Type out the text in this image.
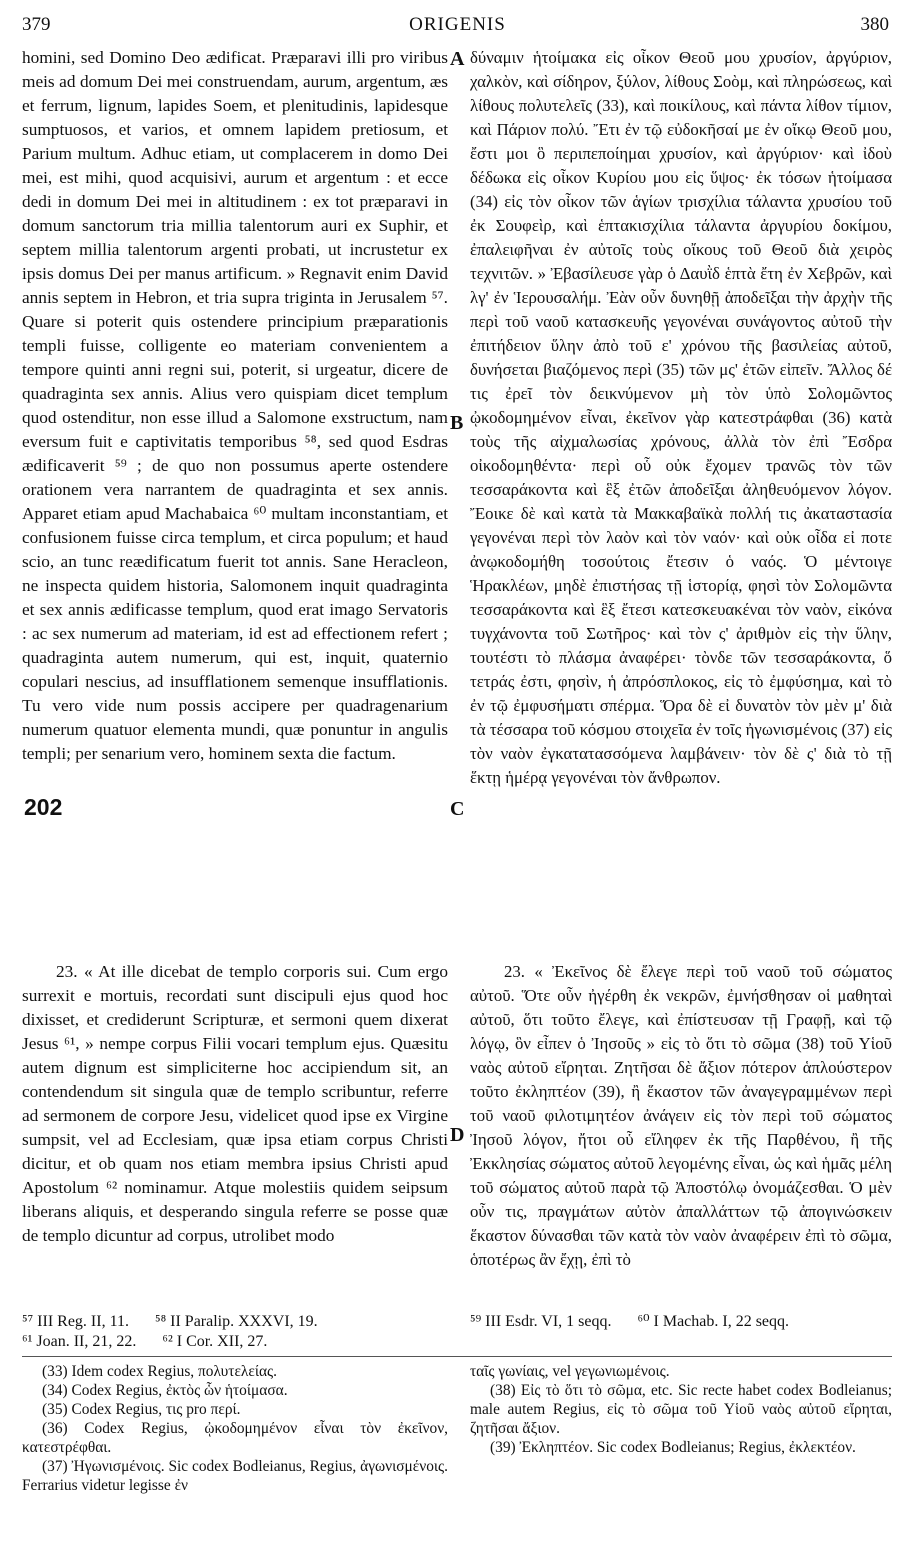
379	ORIGENIS	380

homini, sed Domino Deo ædificat. Præparavi illi pro viribus meis ad domum Dei mei construendam, aurum, argentum, æs et ferrum, lignum, lapides Soem, et plenitudinis, lapidesque sumptuosos, et varios, et omnem lapidem pretiosum, et Parium multum. Adhuc etiam, ut complacerem in domo Dei mei, est mihi, quod acquisivi, aurum et argentum : et ecce dedi in domum Dei mei in altitudinem : ex tot præparavi in domum sanctorum tria millia talentorum auri ex Suphir, et septem millia talentorum argenti probati, ut incrustetur ex ipsis domus Dei per manus artificum. » Regnavit enim David annis septem in Hebron, et tria supra triginta in Jerusalem ⁵⁷. Quare si poterit quis ostendere principium præparationis templi fuisse, colligente eo materiam convenientem a tempore quinti anni regni sui, poterit, si urgeatur, dicere de quadraginta sex annis. Alius vero quispiam dicet templum quod ostenditur, non esse illud a Salomone exstructum, nam eversum fuit e captivitatis temporibus ⁵⁸, sed quod Esdras ædificaverit ⁵⁹ ; de quo non possumus aperte ostendere orationem vera narrantem de quadraginta et sex annis. Apparet etiam apud Machabaica ⁶⁰ multam inconstantiam, et confusionem fuisse circa templum, et circa populum; et haud scio, an tunc reædificatum fuerit tot annis. Sane Heracleon, ne inspecta quidem historia, Salomonem inquit quadraginta et sex annis ædificasse templum, quod erat imago Servatoris : ac sex numerum ad materiam, id est ad effectionem refert ; quadraginta autem numerum, qui est, inquit, quaternio copulari nescius, ad insufflationem semenque insufflationis. Tu vero vide num possis accipere per quadragenarium numerum quatuor elementa mundi, quæ ponuntur in angulis templi; per senarium vero, hominem sexta die factum.

δύναμιν ἡτοίμακα εἰς οἶκον Θεοῦ μου χρυσίον, ἀργύριον, χαλκὸν, καὶ σίδηρον, ξύλον, λίθους Σοὸμ, καὶ πληρώσεως, καὶ λίθους πολυτελεῖς (33), καὶ ποικίλους, καὶ πάντα λίθον τίμιον, καὶ Πάριον πολύ. Ἔτι ἐν τῷ εὐδοκῆσαί με ἐν οἴκῳ Θεοῦ μου, ἔστι μοι ὃ περιπεποίημαι χρυσίον, καὶ ἀργύριον· καὶ ἰδοὺ δέδωκα εἰς οἶκον Κυρίου μου εἰς ὕψος· ἐκ τόσων ἡτοίμασα (34) εἰς τὸν οἶκον τῶν ἁγίων τρισχίλια τάλαντα χρυσίου τοῦ ἐκ Σουφεὶρ, καὶ ἑπτακισχίλια τάλαντα ἀργυρίου δοκίμου, ἐπαλειφῆναι ἐν αὐτοῖς τοὺς οἴκους τοῦ Θεοῦ διὰ χειρὸς τεχνιτῶν. » Ἐβασίλευσε γὰρ ὁ Δαυῒδ ἑπτὰ ἔτη ἐν Χεβρῶν, καὶ λγ' ἐν Ἱερουσαλήμ. Ἐὰν οὖν δυνηθῇ ἀποδεῖξαι τὴν ἀρχὴν τῆς περὶ τοῦ ναοῦ κατασκευῆς γεγονέναι συνάγοντος αὐτοῦ τὴν ἐπιτήδειον ὕλην ἀπὸ τοῦ ε' χρόνου τῆς βασιλείας αὐτοῦ, δυνήσεται βιαζόμενος περὶ (35) τῶν μς' ἐτῶν εἰπεῖν. Ἄλλος δέ τις ἐρεῖ τὸν δεικνύμενον μὴ τὸν ὑπὸ Σολομῶντος ᾠκοδομημένον εἶναι, ἐκεῖνον γὰρ κατεστράφθαι (36) κατὰ τοὺς τῆς αἰχμαλωσίας χρόνους, ἀλλὰ τὸν ἐπὶ Ἔσδρα οἰκοδομηθέντα· περὶ οὗ οὐκ ἔχομεν τρανῶς τὸν τῶν τεσσαράκοντα καὶ ἓξ ἐτῶν ἀποδεῖξαι ἀληθευόμενον λόγον. Ἔοικε δὲ καὶ κατὰ τὰ Μακκαβαϊκὰ πολλή τις ἀκαταστασία γεγονέναι περὶ τὸν λαὸν καὶ τὸν ναόν· καὶ οὐκ οἶδα εἰ ποτε ἀνῳκοδομήθη τοσούτοις ἔτεσιν ὁ ναός. Ὁ μέντοιγε Ἡρακλέων, μηδὲ ἐπιστήσας τῇ ἱστορίᾳ, φησὶ τὸν Σολομῶντα τεσσαράκοντα καὶ ἓξ ἔτεσι κατεσκευακέναι τὸν ναὸν, εἰκόνα τυγχάνοντα τοῦ Σωτῆρος· καὶ τὸν ς' ἀριθμὸν εἰς τὴν ὕλην, τουτέστι τὸ πλάσμα ἀναφέρει· τὸνδε τῶν τεσσαράκοντα, ὅ τετράς ἐστι, φησὶν, ἡ ἀπρόσπλοκος, εἰς τὸ ἐμφύσημα, καὶ τὸ ἐν τῷ ἐμφυσήματι σπέρμα. Ὅρα δὲ εἰ δυνατὸν τὸν μὲν μ' διὰ τὰ τέσσαρα τοῦ κόσμου στοιχεῖα ἐν τοῖς ἠγωνισμένοις (37) εἰς τὸν ναὸν ἐγκατατασσόμενα λαμβάνειν· τὸν δὲ ς' διὰ τὸ τῇ ἕκτῃ ἡμέρᾳ γεγονέναι τὸν ἄνθρωπον.

A
B
C
D
202

23. « At ille dicebat de templo corporis sui. Cum ergo surrexit e mortuis, recordati sunt discipuli ejus quod hoc dixisset, et crediderunt Scripturæ, et sermoni quem dixerat Jesus ⁶¹, » nempe corpus Filii vocari templum ejus. Quæsitu autem dignum est simpliciterne hoc accipiendum sit, an contendendum sit singula quæ de templo scribuntur, referre ad sermonem de corpore Jesu, videlicet quod ipse ex Virgine sumpsit, vel ad Ecclesiam, quæ ipsa etiam corpus Christi dicitur, et ob quam nos etiam membra ipsius Christi apud Apostolum ⁶² nominamur. Atque molestiis quidem seipsum liberans aliquis, et desperando singula referre se posse quæ de templo dicuntur ad corpus, utrolibet modo

23. « Ἐκεῖνος δὲ ἔλεγε περὶ τοῦ ναοῦ τοῦ σώματος αὐτοῦ. Ὅτε οὖν ἠγέρθη ἐκ νεκρῶν, ἐμνήσθησαν οἱ μαθηταὶ αὐτοῦ, ὅτι τοῦτο ἔλεγε, καὶ ἐπίστευσαν τῇ Γραφῇ, καὶ τῷ λόγῳ, ὃν εἶπεν ὁ Ἰησοῦς » εἰς τὸ ὅτι τὸ σῶμα (38) τοῦ Υἱοῦ ναὸς αὐτοῦ εἴρηται. Ζητῆσαι δὲ ἄξιον πότερον ἁπλούστερον τοῦτο ἐκληπτέον (39), ἢ ἕκαστον τῶν ἀναγεγραμμένων περὶ τοῦ ναοῦ φιλοτιμητέον ἀνάγειν εἰς τὸν περὶ τοῦ σώματος Ἰησοῦ λόγον, ἤτοι οὗ εἴληφεν ἐκ τῆς Παρθένου, ἢ τῆς Ἐκκλησίας σώματος αὐτοῦ λεγομένης εἶναι, ὡς καὶ ἡμᾶς μέλη τοῦ σώματος αὐτοῦ παρὰ τῷ Ἀποστόλῳ ὀνομάζεσθαι. Ὁ μὲν οὖν τις, πραγμάτων αὐτὸν ἀπαλλάττων τῷ ἀπογινώσκειν ἕκαστον δύνασθαι τῶν κατὰ τὸν ναὸν ἀναφέρειν ἐπὶ τὸ σῶμα, ὁποτέρως ἂν ἔχῃ, ἐπὶ τὸ

⁵⁷ III Reg. II, 11. ⁵⁸ II Paralip. XXXVI, 19.
⁶¹ Joan. II, 21, 22. ⁶² I Cor. XII, 27.
⁵⁹ III Esdr. VI, 1 seqq. ⁶⁰ I Machab. I, 22 seqq.
(33) Idem codex Regius, πολυτελείας.
(34) Codex Regius, ἐκτὸς ὧν ἡτοίμασα.
(35) Codex Regius, τις pro περί.
(36) Codex Regius, ᾠκοδομημένον εἶναι τὸν ἐκεῖνον, κατεστρέφθαι.
(37) Ἠγωνισμένοις. Sic codex Bodleianus, Regius, ἀγωνισμένοις. Ferrarius videtur legisse ἐν
ταῖς γωνίαις, vel γεγωνιωμένοις.
(38) Εἰς τὸ ὅτι τὸ σῶμα, etc. Sic recte habet codex Bodleianus; male autem Regius, εἰς τὸ σῶμα τοῦ Υἱοῦ ναὸς αὐτοῦ εἴρηται, ζητῆσαι ἄξιον.
(39) Ἐκληπτέον. Sic codex Bodleianus; Regius, ἐκλεκτέον.
